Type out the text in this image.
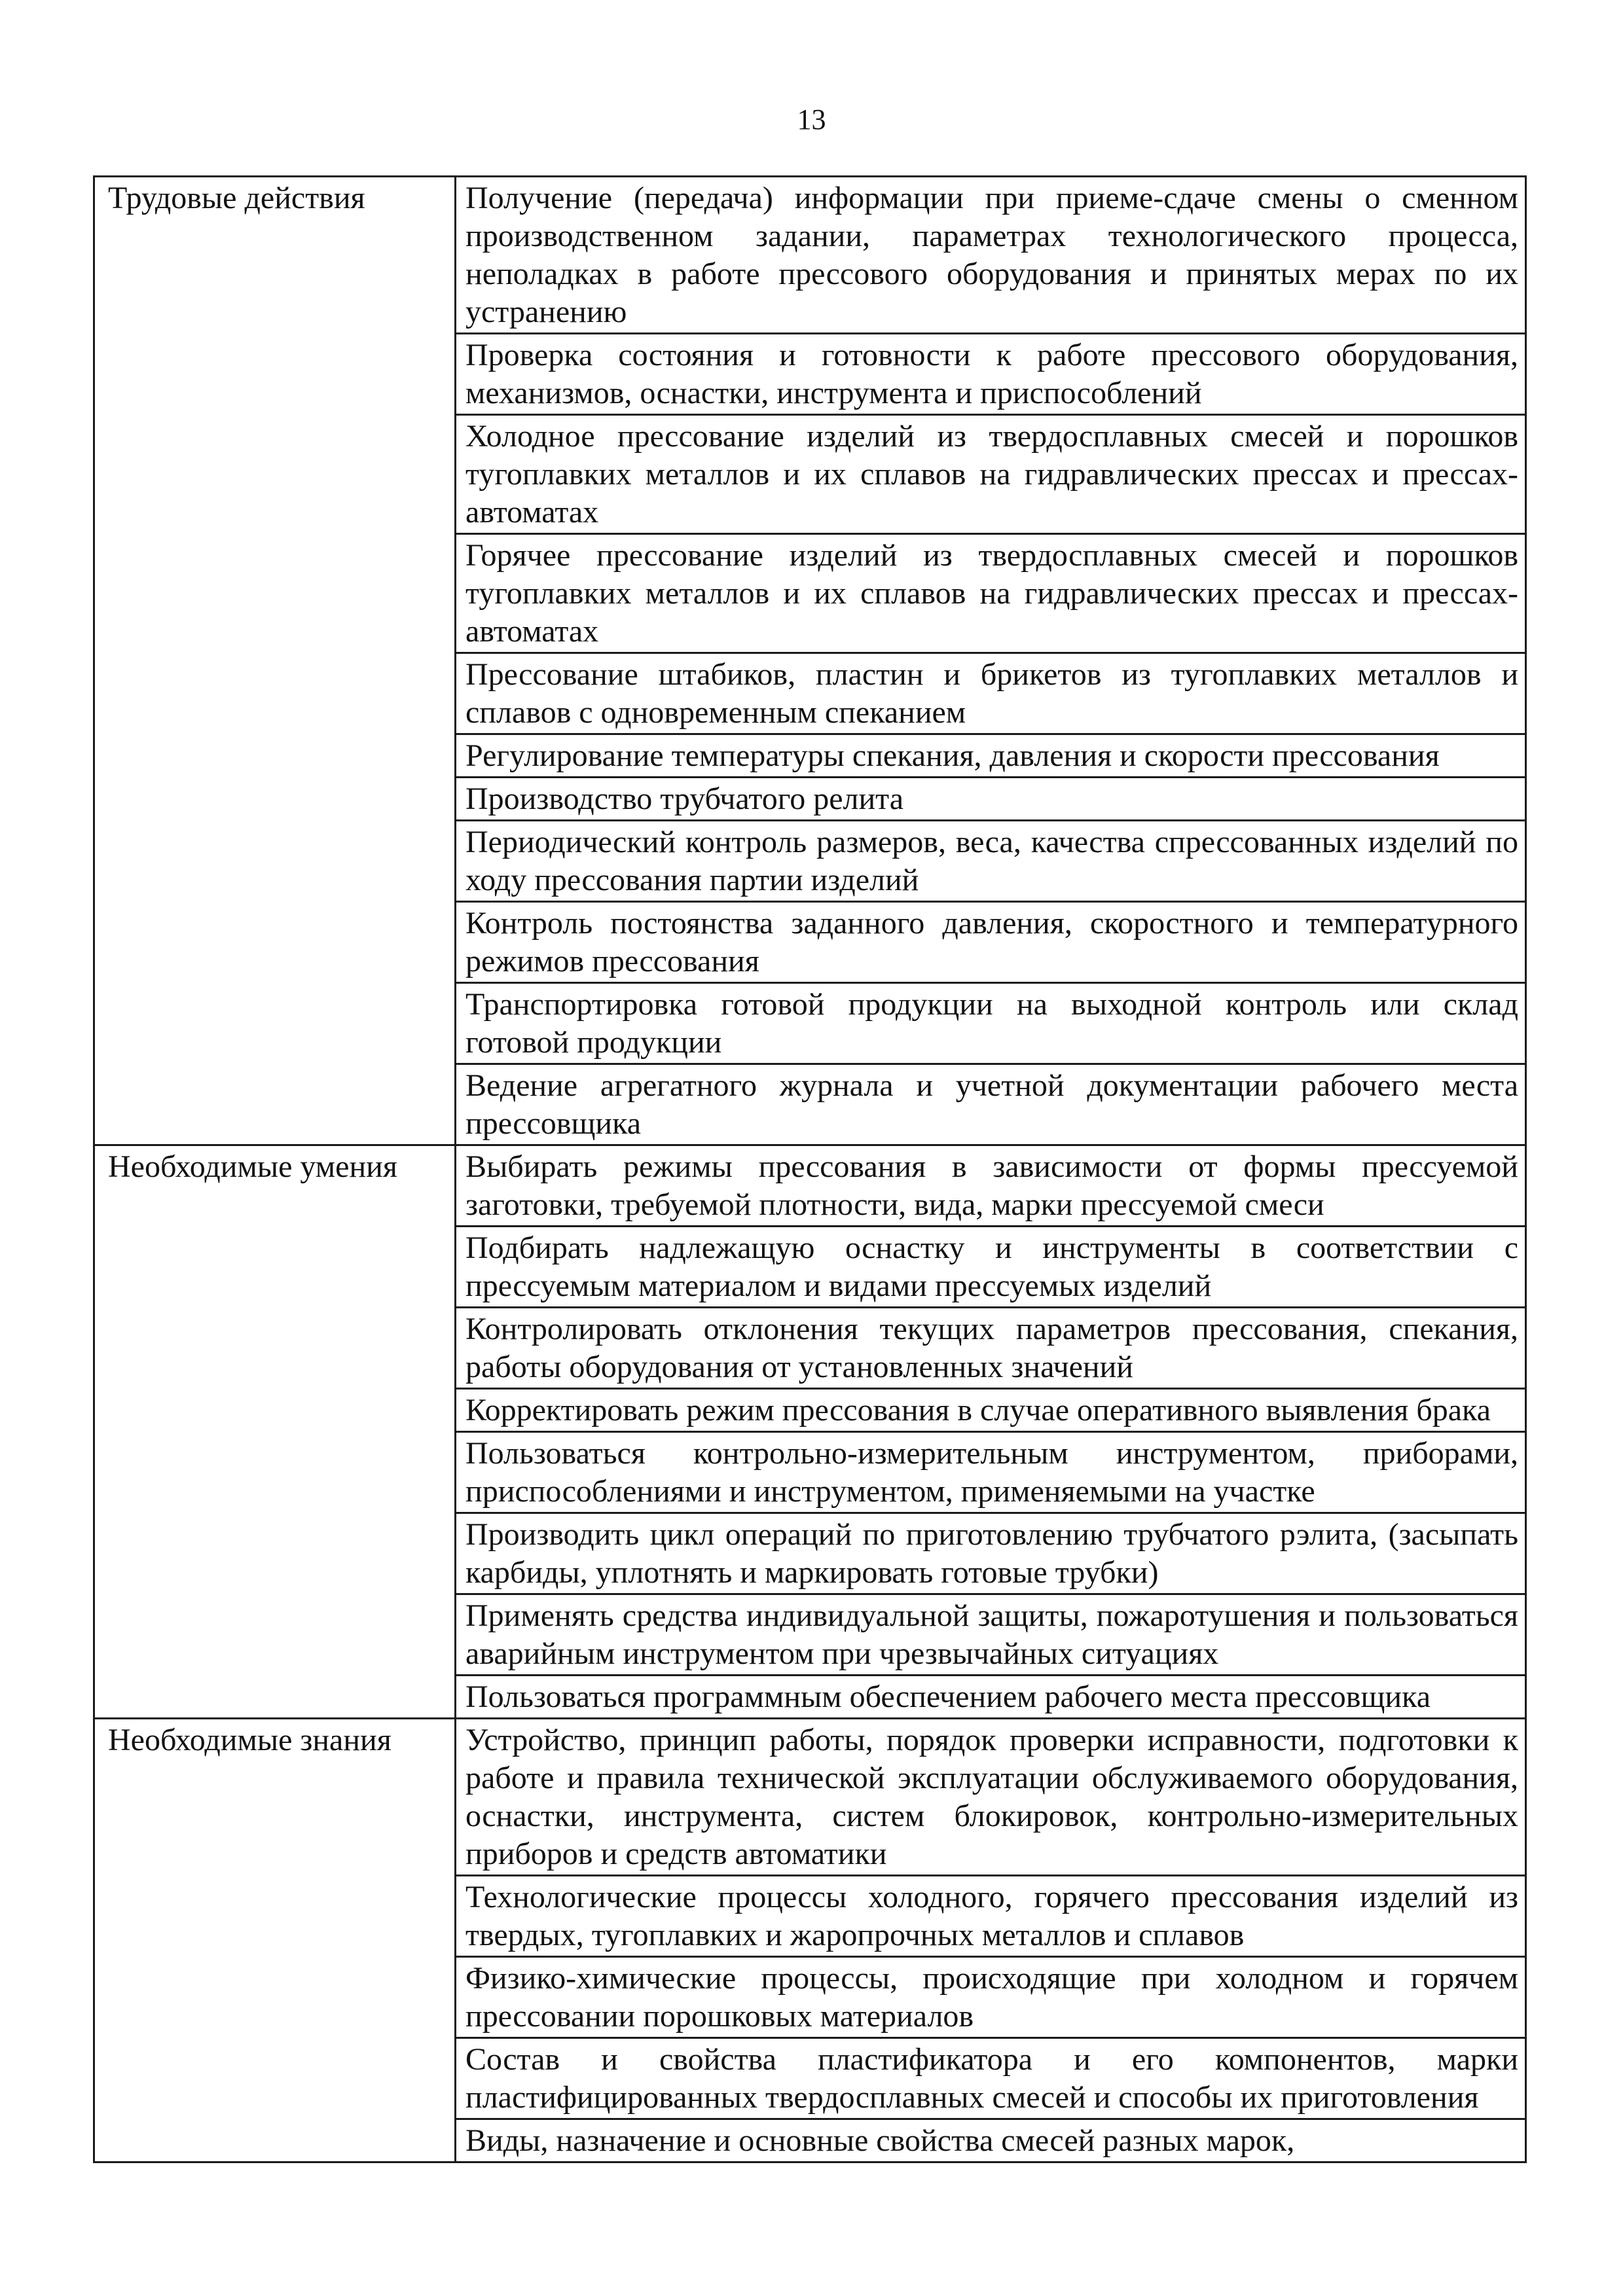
13
Трудовые действия	Получение (передача) информации при приеме-сдаче смены о сменном производственном задании, параметрах технологического процесса, неполадках в работе прессового оборудования и принятых мерах по их устранению
	Проверка состояния и готовности к работе прессового оборудования, механизмов, оснастки, инструмента и приспособлений
	Холодное прессование изделий из твердосплавных смесей и порошков тугоплавких металлов и их сплавов на гидравлических прессах и прессах-автоматах
	Горячее прессование изделий из твердосплавных смесей и порошков тугоплавких металлов и их сплавов на гидравлических прессах и прессах-автоматах
	Прессование штабиков, пластин и брикетов из тугоплавких металлов и сплавов с одновременным спеканием
	Регулирование температуры спекания, давления и скорости прессования
	Производство трубчатого релита
	Периодический контроль размеров, веса, качества спрессованных изделий по ходу прессования партии изделий
	Контроль постоянства заданного давления, скоростного и температурного режимов прессования
	Транспортировка готовой продукции на выходной контроль или склад готовой продукции
	Ведение агрегатного журнала и учетной документации рабочего места прессовщика
Необходимые умения	Выбирать режимы прессования в зависимости от формы прессуемой заготовки, требуемой плотности, вида, марки прессуемой смеси
	Подбирать надлежащую оснастку и инструменты в соответствии с прессуемым материалом и видами прессуемых изделий
	Контролировать отклонения текущих параметров прессования, спекания, работы оборудования от установленных значений
	Корректировать режим прессования в случае оперативного выявления брака
	Пользоваться контрольно-измерительным инструментом, приборами, приспособлениями и инструментом, применяемыми на участке
	Производить цикл операций по приготовлению трубчатого рэлита, (засыпать карбиды, уплотнять и маркировать готовые трубки)
	Применять средства индивидуальной защиты, пожаротушения и пользоваться аварийным инструментом при чрезвычайных ситуациях
	Пользоваться программным обеспечением рабочего места прессовщика
Необходимые знания	Устройство, принцип работы, порядок проверки исправности, подготовки к работе и правила технической эксплуатации обслуживаемого оборудования, оснастки, инструмента, систем блокировок, контрольно-измерительных приборов и средств автоматики
	Технологические процессы холодного, горячего прессования изделий из твердых, тугоплавких и жаропрочных металлов и сплавов
	Физико-химические процессы, происходящие при холодном и горячем прессовании порошковых материалов
	Состав и свойства пластификатора и его компонентов, марки пластифицированных твердосплавных смесей и способы их приготовления
	Виды, назначение и основные свойства смесей разных марок,
